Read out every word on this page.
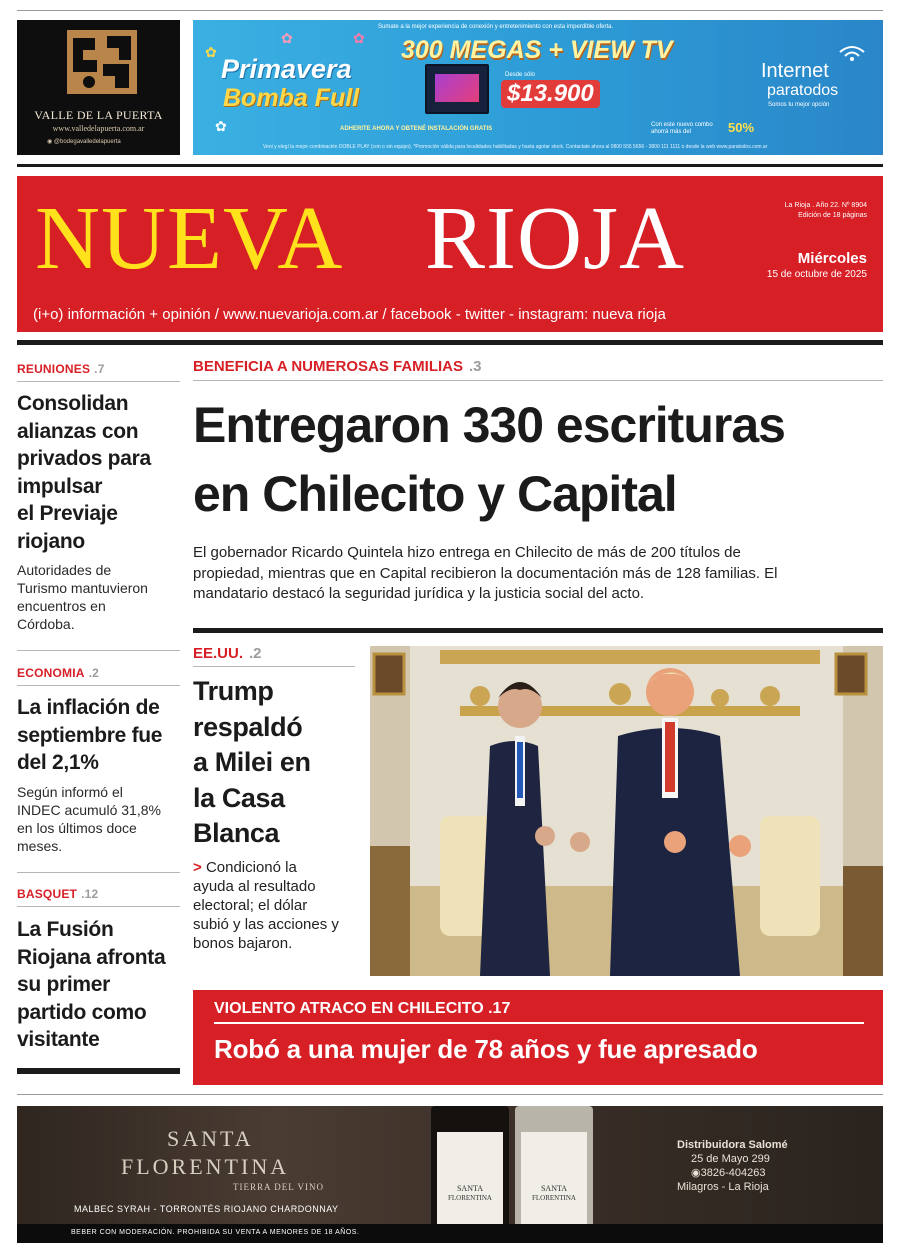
VALLE DE LA PUERTA
www.valledelapuerta.com.ar
◉ @bodegavalledelapuerta
Sumate a la mejor experiencia de conexión y entretenimiento con esta imperdible oferta.
✿
✿
✿
✿
Primavera
Bomba Full
300 MEGAS + VIEW TV
Desde sólo
$13.900
ADHERITE AHORA Y OBTENÉ INSTALACIÓN GRATIS
Con este nuevo combo ahorrá más del	50%
Internet
paratodos
Somos tu mejor opción
Veni y elegí la mejor combinación DOBLE PLAY (con o sin equipo). *Promoción válida para localidades habilitadas y hasta agotar stock. Contactate ahora al 0800 555 5656 - 3800 111 1111 o desde la web www.paratodos.com.ar
NUEVA RIOJA	La Rioja . Año 22. Nº 8904
Edición de 18 páginas
Miércoles
15 de octubre de 2025
(i+o) información + opinión / www.nuevarioja.com.ar / facebook - twitter - instagram: nueva rioja
REUNIONES .7
Consolidan
alianzas con
privados para
impulsar
el Previaje
riojano
Autoridades de
Turismo mantuvieron
encuentros en
Córdoba.
ECONOMIA .2
La inflación de
septiembre fue
del 2,1%
Según informó el
INDEC acumuló 31,8%
en los últimos doce
meses.
BASQUET .12
La Fusión
Riojana afronta
su primer
partido como
visitante
BENEFICIA A NUMEROSAS FAMILIAS .3
Entregaron 330 escrituras
en Chilecito y Capital
El gobernador Ricardo Quintela hizo entrega en Chilecito de más de 200 títulos de
propiedad, mientras que en Capital recibieron la documentación más de 128 familias. El
mandatario destacó la seguridad jurídica y la justicia social del acto.
EE.UU. .2
Trump
respaldó
a Milei en
la Casa
Blanca
> Condicionó la
ayuda al resultado
electoral; el dólar
subió y las acciones y
bonos bajaron.
VIOLENTO ATRACO EN CHILECITO .17
Robó a una mujer de 78 años y fue apresado
SANTA
FLORENTINA
TIERRA DEL VINO
MALBEC SYRAH - TORRONTÉS RIOJANO CHARDONNAY
SANTA
FLORENTINA
SANTA
FLORENTINA
Distribuidora Salomé
25 de Mayo 299
◉3826-404263
Milagros - La Rioja
BEBER CON MODERACIÓN. PROHIBIDA SU VENTA A MENORES DE 18 AÑOS.
